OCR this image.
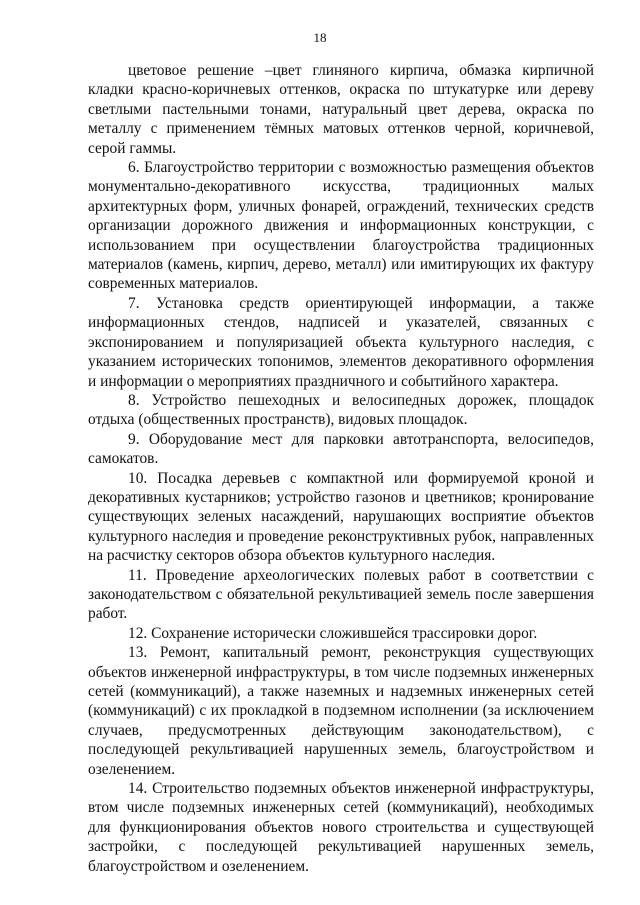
18

цветовое решение –цвет глиняного кирпича, обмазка кирпичной кладки красно-коричневых оттенков, окраска по штукатурке или дереву светлыми пастельными тонами, натуральный цвет дерева, окраска по металлу с применением тёмных матовых оттенков черной, коричневой, серой гаммы.

6. Благоустройство территории с возможностью размещения объектов монументально-декоративного искусства, традиционных малых архитектурных форм, уличных фонарей, ограждений, технических средств организации дорожного движения и информационных конструкции, с использованием при осуществлении благоустройства традиционных материалов (камень, кирпич, дерево, металл) или имитирующих их фактуру современных материалов.

7. Установка средств ориентирующей информации, а также информационных стендов, надписей и указателей, связанных с экспонированием и популяризацией объекта культурного наследия, с указанием исторических топонимов, элементов декоративного оформления и информации о мероприятиях праздничного и событийного характера.

8. Устройство пешеходных и велосипедных дорожек, площадок отдыха (общественных пространств), видовых площадок.

9. Оборудование мест для парковки автотранспорта, велосипедов, самокатов.

10. Посадка деревьев с компактной или формируемой кроной и декоративных кустарников; устройство газонов и цветников; кронирование существующих зеленых насаждений, нарушающих восприятие объектов культурного наследия и проведение реконструктивных рубок, направленных на расчистку секторов обзора объектов культурного наследия.

11. Проведение археологических полевых работ в соответствии с законодательством с обязательной рекультивацией земель после завершения работ.

12. Сохранение исторически сложившейся трассировки дорог.

13. Ремонт, капитальный ремонт, реконструкция существующих объектов инженерной инфраструктуры, в том числе подземных инженерных сетей (коммуникаций), а также наземных и надземных инженерных сетей (коммуникаций) с их прокладкой в подземном исполнении (за исключением случаев, предусмотренных действующим законодательством), с последующей рекультивацией нарушенных земель, благоустройством и озеленением.

14. Строительство подземных объектов инженерной инфраструктуры, втом числе подземных инженерных сетей (коммуникаций), необходимых для функционирования объектов нового строительства и существующей застройки, с последующей рекультивацией нарушенных земель, благоустройством и озеленением.
